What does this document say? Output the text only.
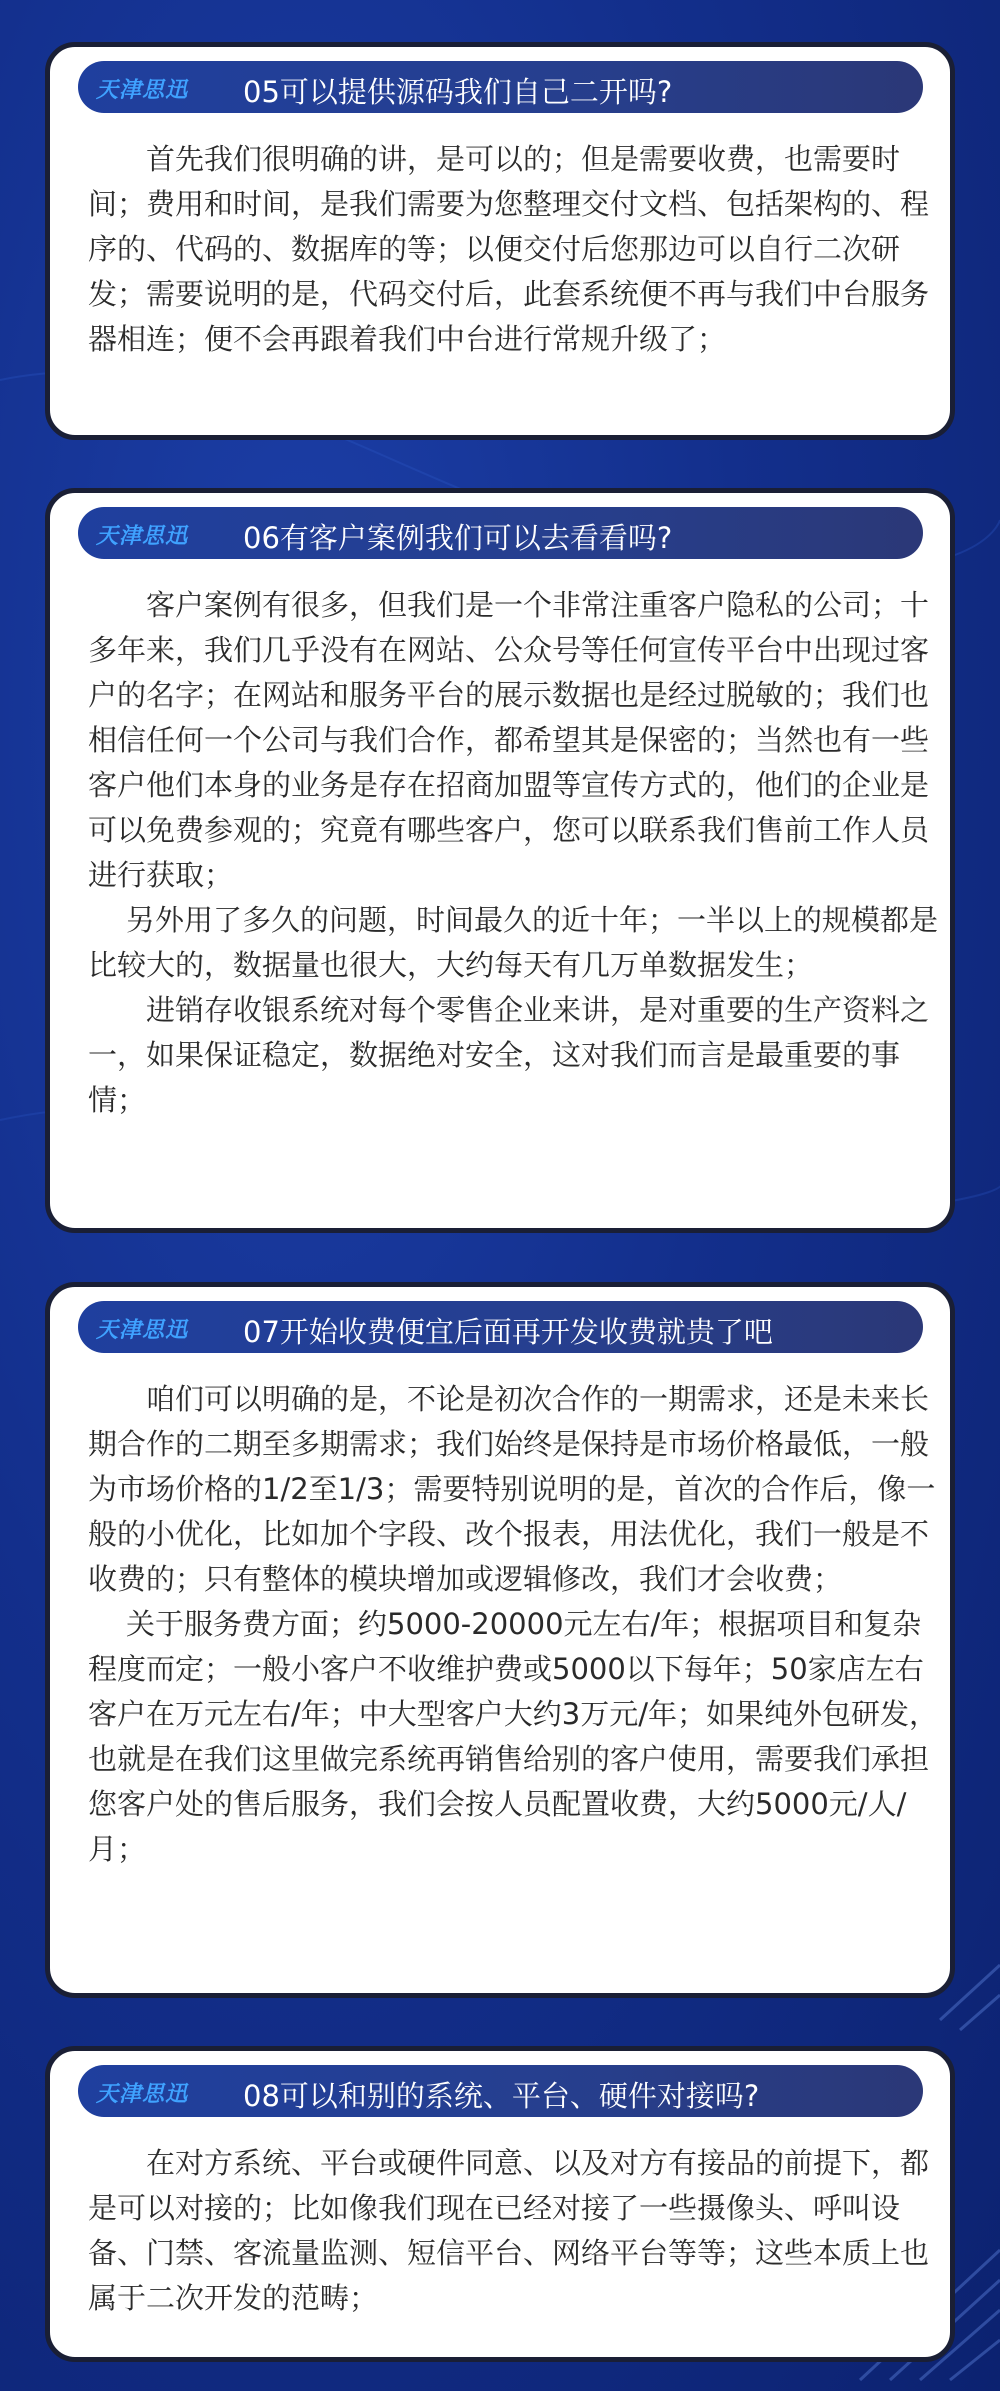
天津思迅 05可以提供源码我们自己二开吗?

首先我们很明确的讲，是可以的；但是需要收费，也需要时间；费用和时间，是我们需要为您整理交付文档、包括架构的、程序的、代码的、数据库的等；以便交付后您那边可以自行二次研发；需要说明的是，代码交付后，此套系统便不再与我们中台服务器相连；便不会再跟着我们中台进行常规升级了；

天津思迅 06有客户案例我们可以去看看吗?

客户案例有很多，但我们是一个非常注重客户隐私的公司；十多年来，我们几乎没有在网站、公众号等任何宣传平台中出现过客户的名字；在网站和服务平台的展示数据也是经过脱敏的；我们也相信任何一个公司与我们合作，都希望其是保密的；当然也有一些客户他们本身的业务是存在招商加盟等宣传方式的，他们的企业是可以免费参观的；究竟有哪些客户，您可以联系我们售前工作人员进行获取；

另外用了多久的问题，时间最久的近十年；一半以上的规模都是比较大的，数据量也很大，大约每天有几万单数据发生；

进销存收银系统对每个零售企业来讲，是对重要的生产资料之一，如果保证稳定，数据绝对安全，这对我们而言是最重要的事情；

天津思迅 07开始收费便宜后面再开发收费就贵了吧

咱们可以明确的是，不论是初次合作的一期需求，还是未来长期合作的二期至多期需求；我们始终是保持是市场价格最低，一般为市场价格的1/2至1/3；需要特别说明的是，首次的合作后，像一般的小优化，比如加个字段、改个报表，用法优化，我们一般是不收费的；只有整体的模块增加或逻辑修改，我们才会收费；

关于服务费方面；约5000-20000元左右/年；根据项目和复杂程度而定；一般小客户不收维护费或5000以下每年；50家店左右客户在万元左右/年；中大型客户大约3万元/年；如果纯外包研发，也就是在我们这里做完系统再销售给别的客户使用，需要我们承担您客户处的售后服务，我们会按人员配置收费，大约5000元/人/月；

天津思迅 08可以和别的系统、平台、硬件对接吗?

在对方系统、平台或硬件同意、以及对方有接品的前提下，都是可以对接的；比如像我们现在已经对接了一些摄像头、呼叫设备、门禁、客流量监测、短信平台、网络平台等等；这些本质上也属于二次开发的范畴；
